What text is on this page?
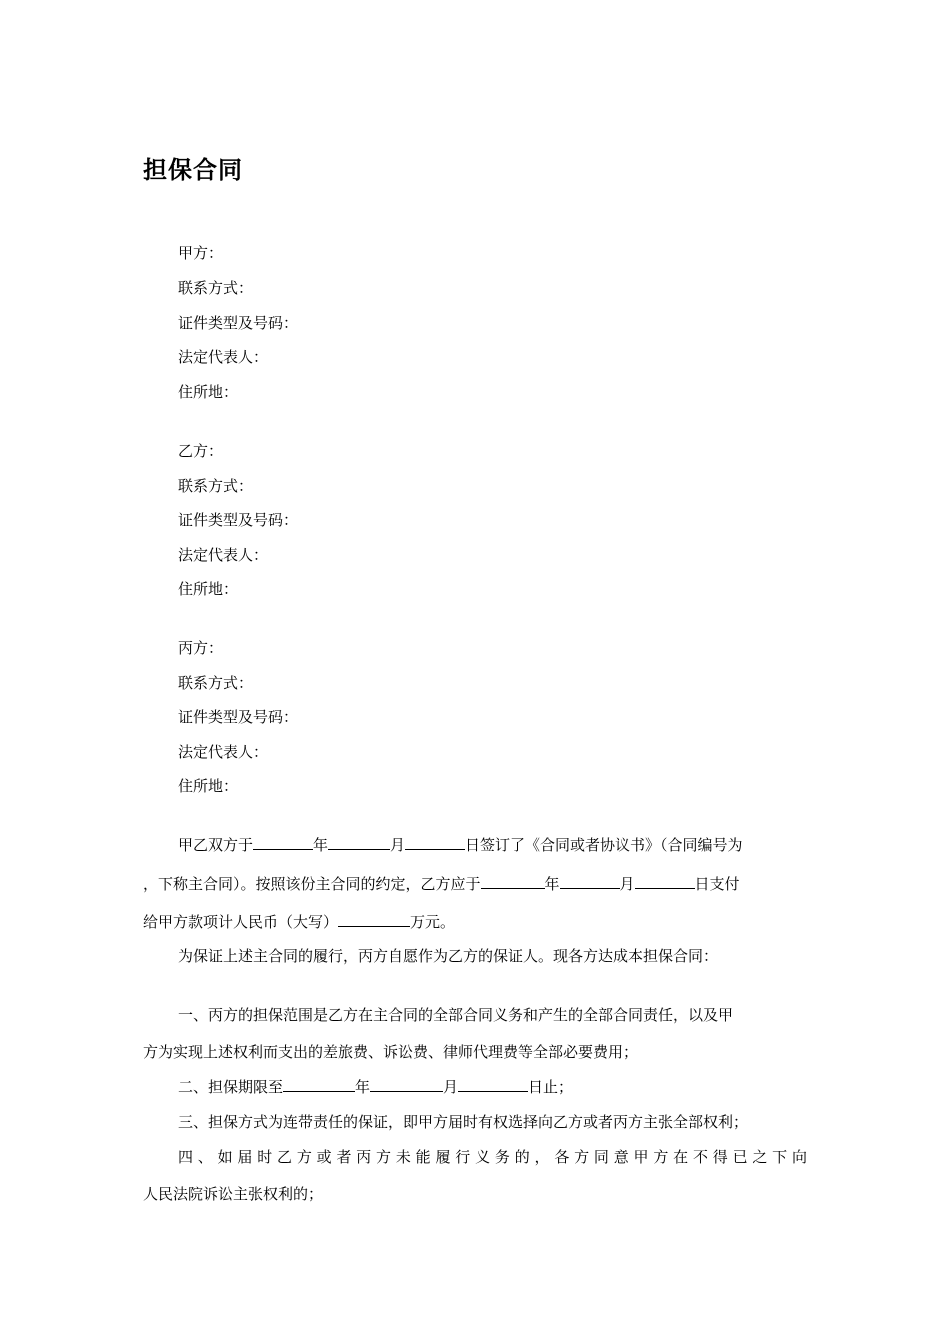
担保合同
甲方：
联系方式：
证件类型及号码：
法定代表人：
住所地：
乙方：
联系方式：
证件类型及号码：
法定代表人：
住所地：
丙方：
联系方式：
证件类型及号码：
法定代表人：
住所地：
甲乙双方于	年	月	日签订了《合同或者协议书》（合同编号为
，下称主合同）。按照该份主合同的约定，乙方应于	年	月	日支付
给甲方款项计人民币（大写）	万元。
为保证上述主合同的履行，丙方自愿作为乙方的保证人。现各方达成本担保合同：
一、丙方的担保范围是乙方在主合同的全部合同义务和产生的全部合同责任，以及甲
方为实现上述权利而支出的差旅费、诉讼费、律师代理费等全部必要费用；
二、担保期限至	年	月	日止；
三、担保方式为连带责任的保证，即甲方届时有权选择向乙方或者丙方主张全部权利；
四、如届时乙方或者丙方未能履行义务的，各方同意甲方在不得已之下向
人民法院诉讼主张权利的；
